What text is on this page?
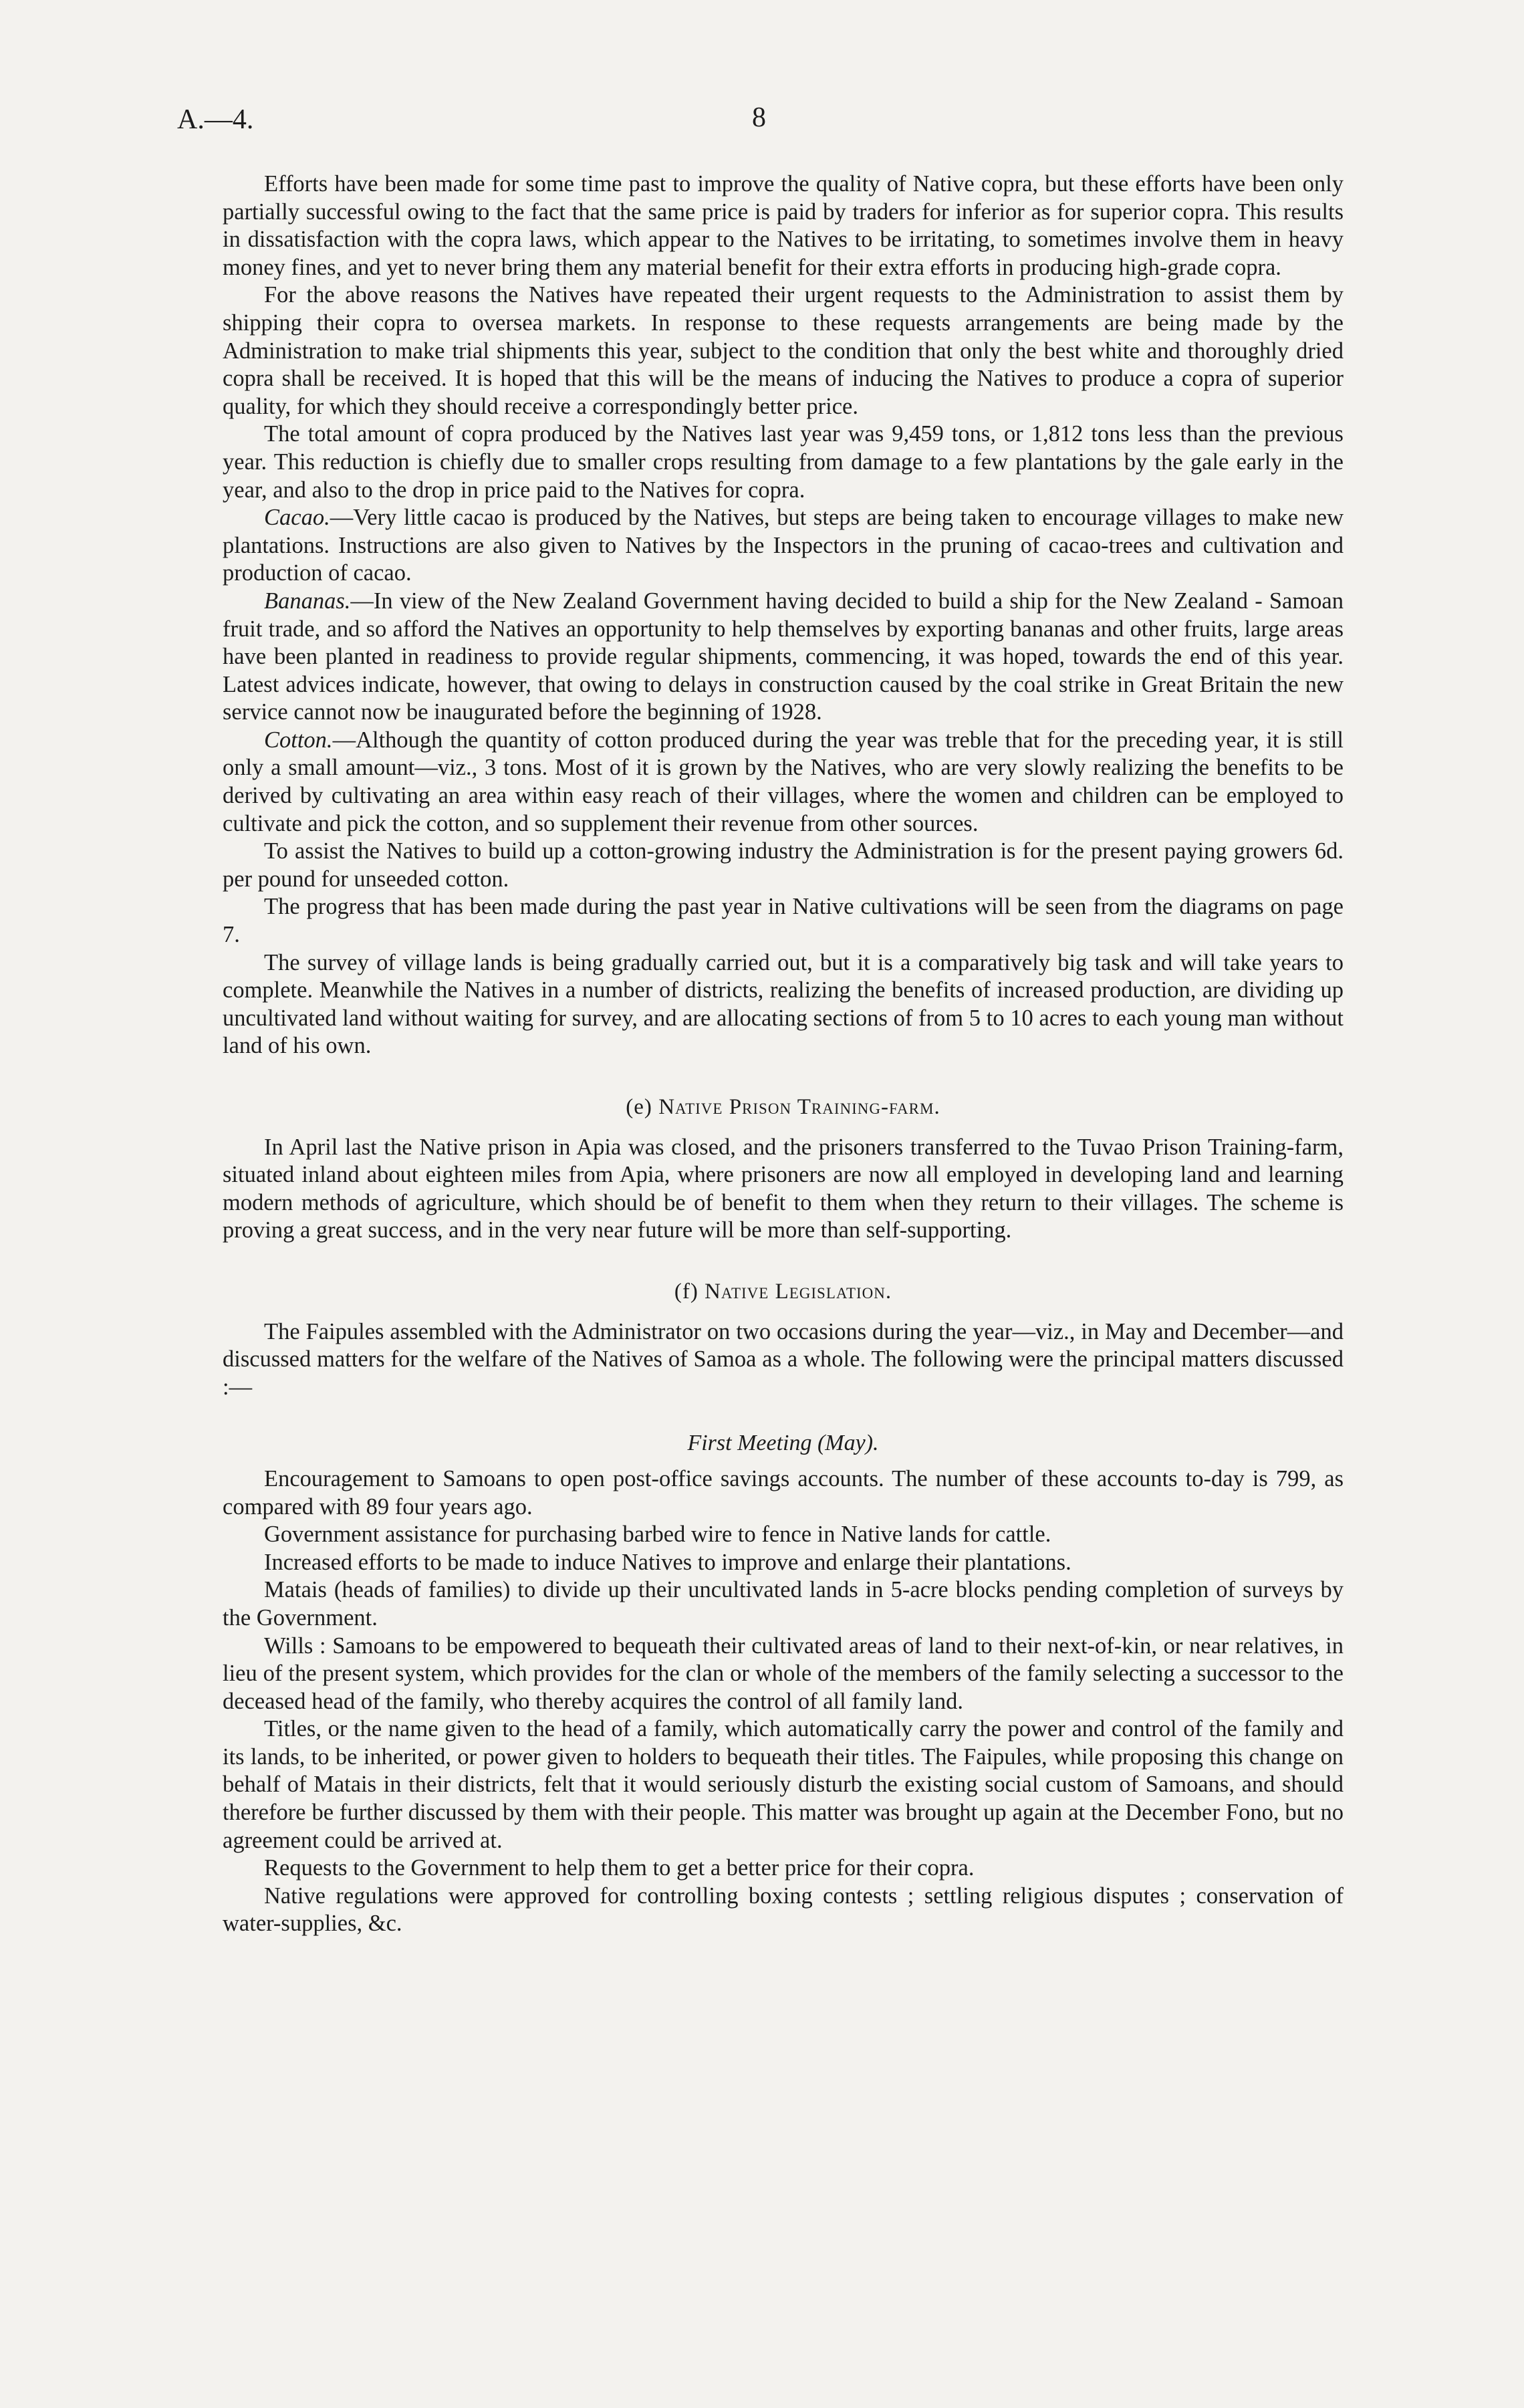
A.—4.	8

Efforts have been made for some time past to improve the quality of Native copra, but these efforts have been only partially successful owing to the fact that the same price is paid by traders for inferior as for superior copra. This results in dissatisfaction with the copra laws, which appear to the Natives to be irritating, to sometimes involve them in heavy money fines, and yet to never bring them any material benefit for their extra efforts in producing high-grade copra.

For the above reasons the Natives have repeated their urgent requests to the Administration to assist them by shipping their copra to oversea markets. In response to these requests arrangements are being made by the Administration to make trial shipments this year, subject to the condition that only the best white and thoroughly dried copra shall be received. It is hoped that this will be the means of inducing the Natives to produce a copra of superior quality, for which they should receive a correspondingly better price.

The total amount of copra produced by the Natives last year was 9,459 tons, or 1,812 tons less than the previous year. This reduction is chiefly due to smaller crops resulting from damage to a few plantations by the gale early in the year, and also to the drop in price paid to the Natives for copra.

Cacao.—Very little cacao is produced by the Natives, but steps are being taken to encourage villages to make new plantations. Instructions are also given to Natives by the Inspectors in the pruning of cacao-trees and cultivation and production of cacao.

Bananas.—In view of the New Zealand Government having decided to build a ship for the New Zealand - Samoan fruit trade, and so afford the Natives an opportunity to help themselves by exporting bananas and other fruits, large areas have been planted in readiness to provide regular shipments, commencing, it was hoped, towards the end of this year. Latest advices indicate, however, that owing to delays in construction caused by the coal strike in Great Britain the new service cannot now be inaugurated before the beginning of 1928.

Cotton.—Although the quantity of cotton produced during the year was treble that for the preceding year, it is still only a small amount—viz., 3 tons. Most of it is grown by the Natives, who are very slowly realizing the benefits to be derived by cultivating an area within easy reach of their villages, where the women and children can be employed to cultivate and pick the cotton, and so supplement their revenue from other sources.

To assist the Natives to build up a cotton-growing industry the Administration is for the present paying growers 6d. per pound for unseeded cotton.

The progress that has been made during the past year in Native cultivations will be seen from the diagrams on page 7.

The survey of village lands is being gradually carried out, but it is a comparatively big task and will take years to complete. Meanwhile the Natives in a number of districts, realizing the benefits of increased production, are dividing up uncultivated land without waiting for survey, and are allocating sections of from 5 to 10 acres to each young man without land of his own.

(e) Native Prison Training-farm.

In April last the Native prison in Apia was closed, and the prisoners transferred to the Tuvao Prison Training-farm, situated inland about eighteen miles from Apia, where prisoners are now all employed in developing land and learning modern methods of agriculture, which should be of benefit to them when they return to their villages. The scheme is proving a great success, and in the very near future will be more than self-supporting.

(f) Native Legislation.

The Faipules assembled with the Administrator on two occasions during the year—viz., in May and December—and discussed matters for the welfare of the Natives of Samoa as a whole. The following were the principal matters discussed :—

First Meeting (May).

Encouragement to Samoans to open post-office savings accounts. The number of these accounts to-day is 799, as compared with 89 four years ago.

Government assistance for purchasing barbed wire to fence in Native lands for cattle.

Increased efforts to be made to induce Natives to improve and enlarge their plantations.

Matais (heads of families) to divide up their uncultivated lands in 5-acre blocks pending completion of surveys by the Government.

Wills : Samoans to be empowered to bequeath their cultivated areas of land to their next-of-kin, or near relatives, in lieu of the present system, which provides for the clan or whole of the members of the family selecting a successor to the deceased head of the family, who thereby acquires the control of all family land.

Titles, or the name given to the head of a family, which automatically carry the power and control of the family and its lands, to be inherited, or power given to holders to bequeath their titles. The Faipules, while proposing this change on behalf of Matais in their districts, felt that it would seriously disturb the existing social custom of Samoans, and should therefore be further discussed by them with their people. This matter was brought up again at the December Fono, but no agreement could be arrived at.

Requests to the Government to help them to get a better price for their copra.

Native regulations were approved for controlling boxing contests ; settling religious disputes ; conservation of water-supplies, &c.
